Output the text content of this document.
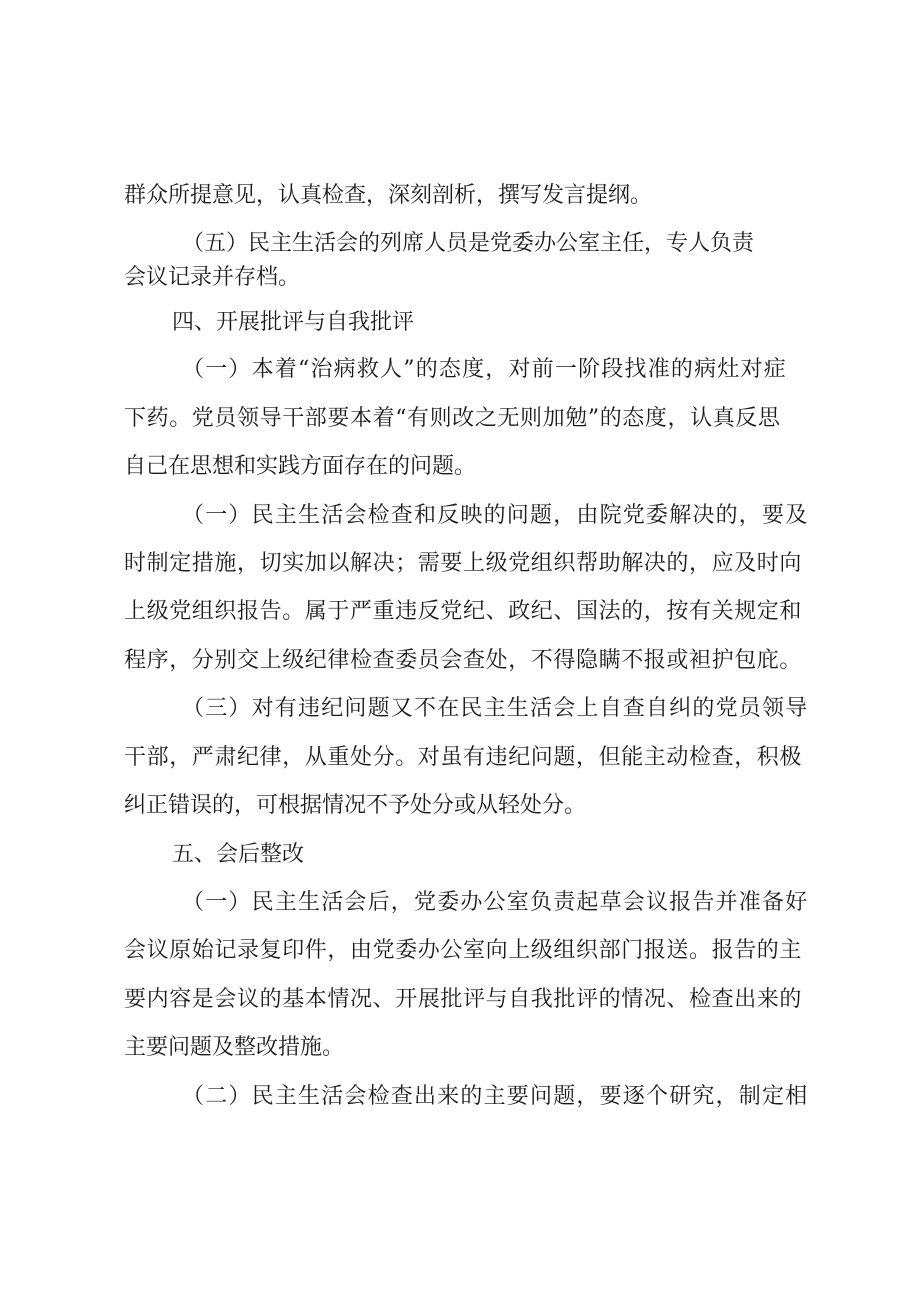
群众所提意见，认真检查，深刻剖析，撰写发言提纲。

（五）民主生活会的列席人员是党委办公室主任，专人负责

会议记录并存档。

四、开展批评与自我批评

（一）本着“治病救人”的态度，对前一阶段找准的病灶对症

下药。党员领导干部要本着“有则改之无则加勉”的态度，认真反思

自己在思想和实践方面存在的问题。

（一）民主生活会检查和反映的问题，由院党委解决的，要及

时制定措施，切实加以解决；需要上级党组织帮助解决的，应及时向

上级党组织报告。属于严重违反党纪、政纪、国法的，按有关规定和

程序，分别交上级纪律检查委员会查处，不得隐瞒不报或袒护包庇。

（三）对有违纪问题又不在民主生活会上自查自纠的党员领导

干部，严肃纪律，从重处分。对虽有违纪问题，但能主动检查，积极

纠正错误的，可根据情况不予处分或从轻处分。

五、会后整改

（一）民主生活会后，党委办公室负责起草会议报告并准备好

会议原始记录复印件，由党委办公室向上级组织部门报送。报告的主

要内容是会议的基本情况、开展批评与自我批评的情况、检查出来的

主要问题及整改措施。

（二）民主生活会检查出来的主要问题，要逐个研究，制定相
